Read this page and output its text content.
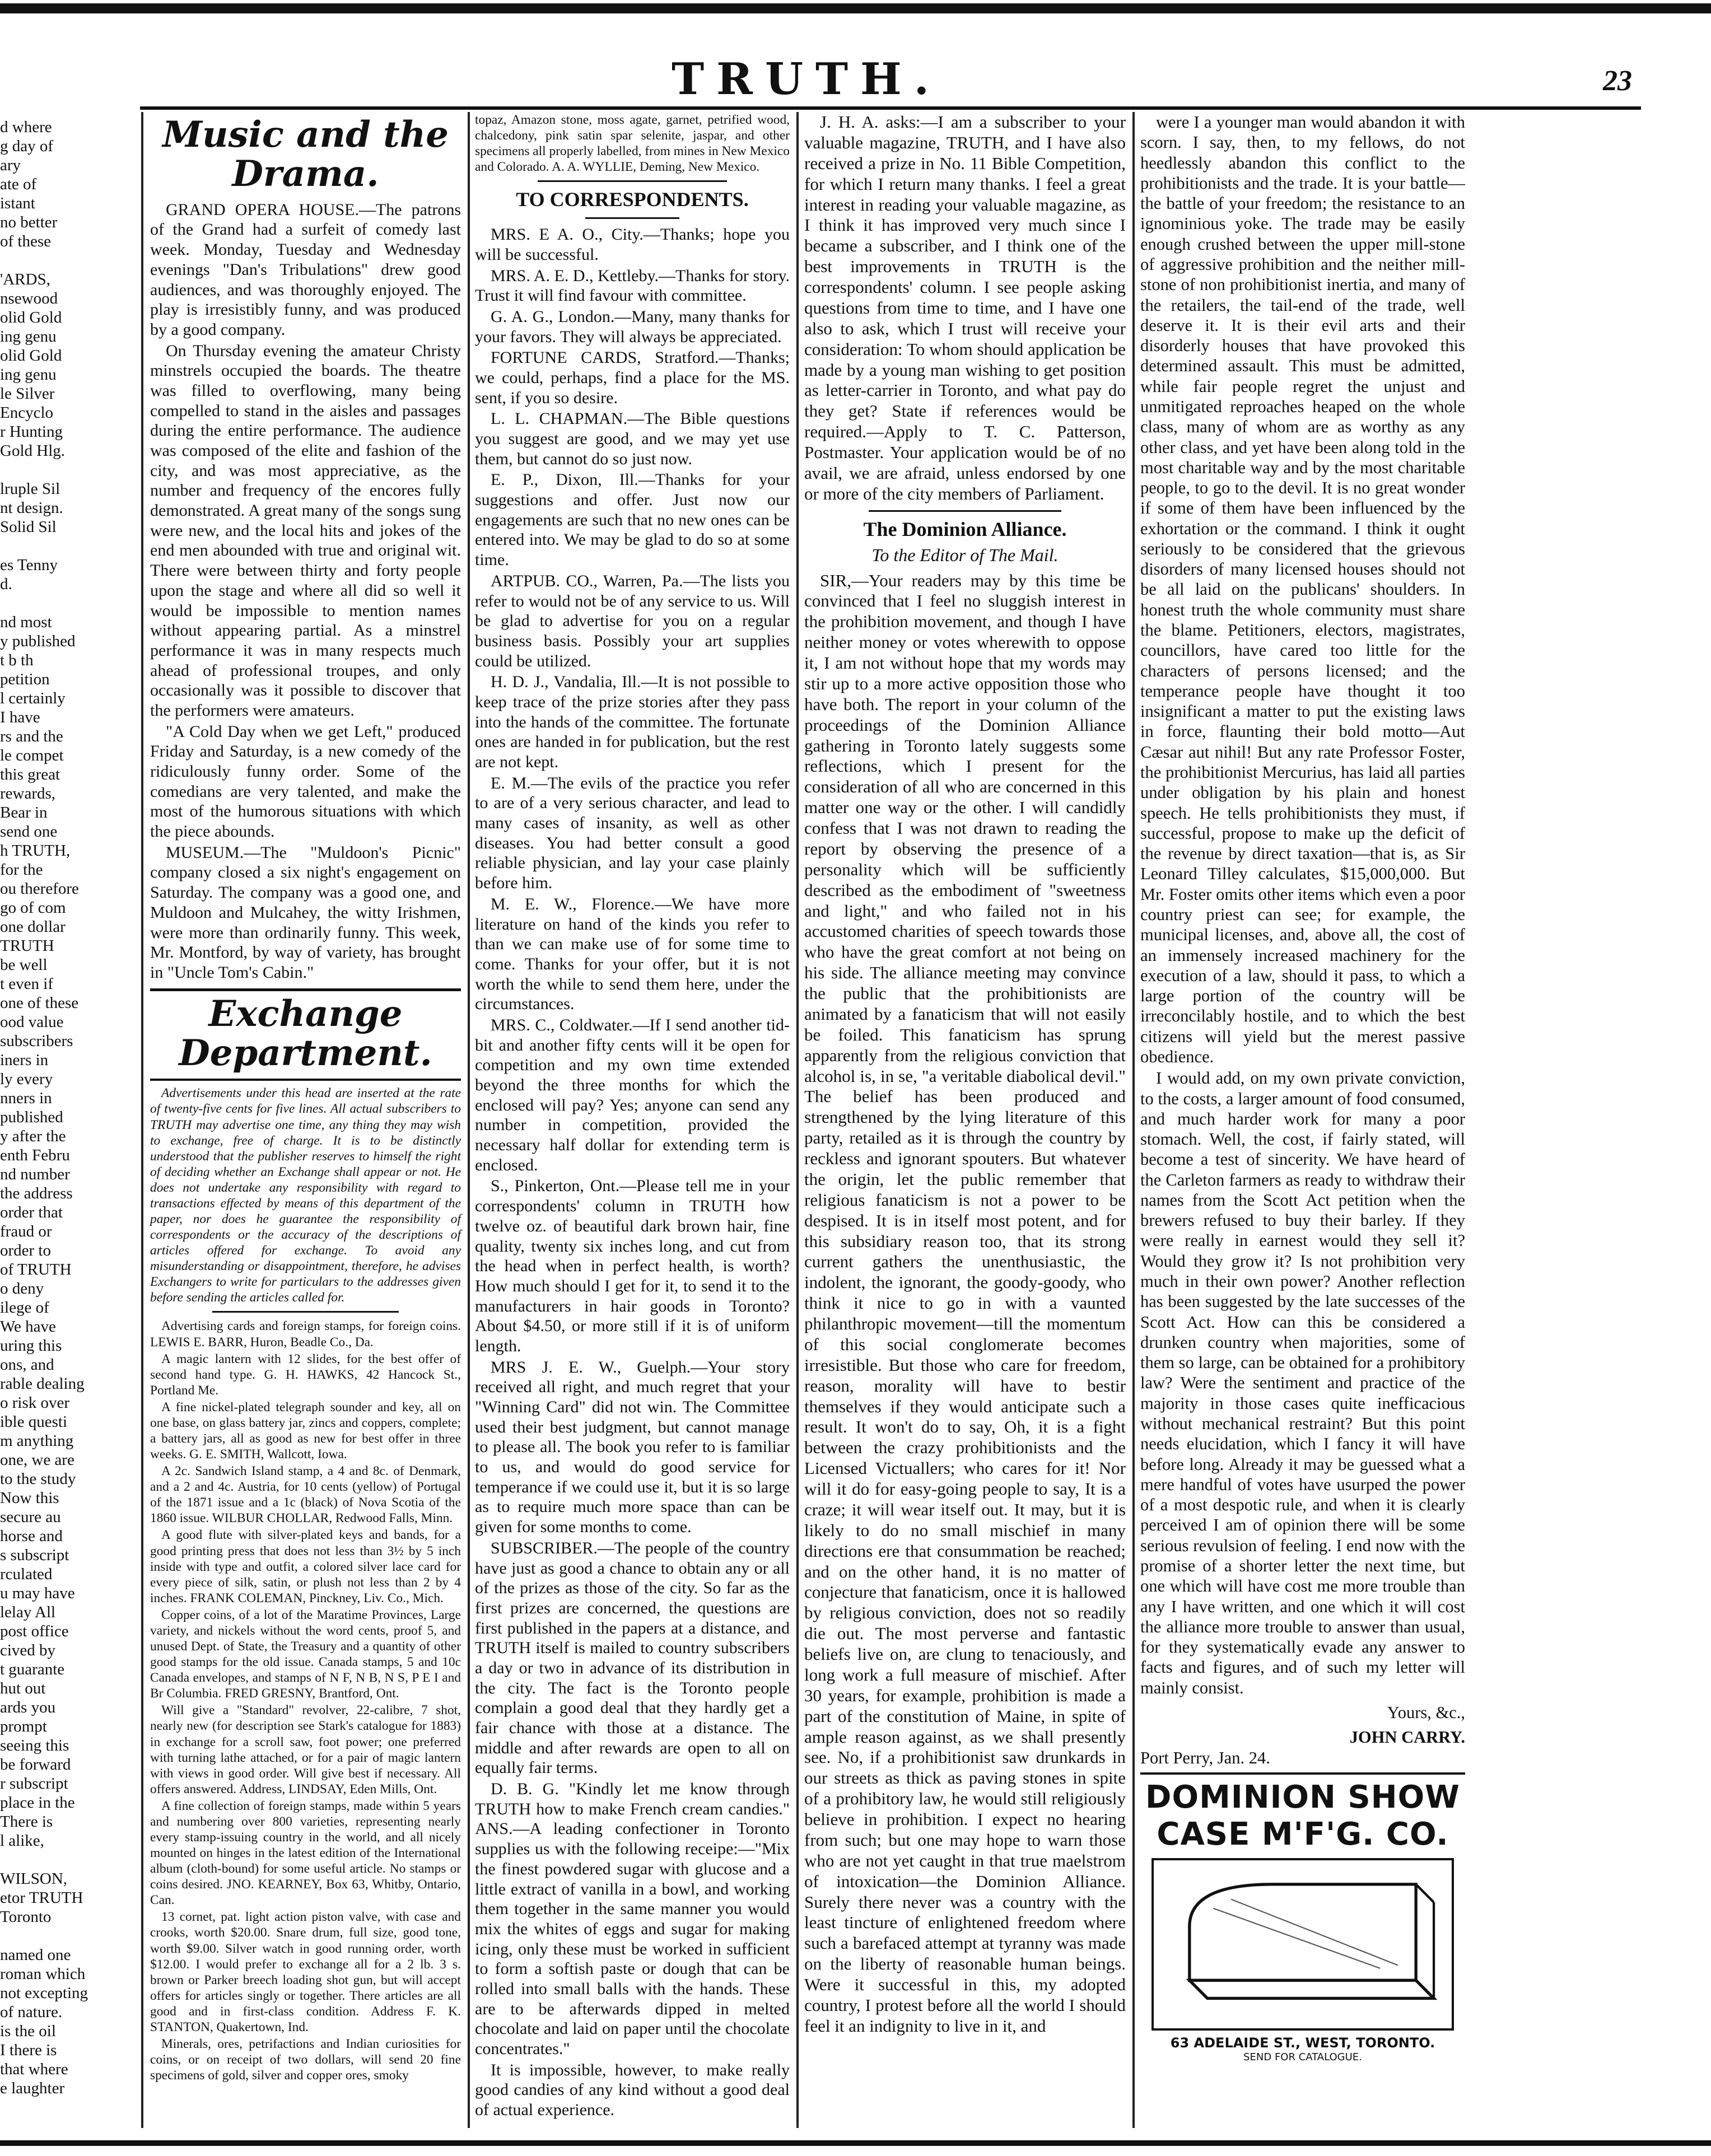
TRUTH.	23
d where
g day of
ary
ate of
istant
no better
of these
'ARDS,
nsewood
olid Gold
ing genu
olid Gold
ing genu
le Silver
Encyclo
r Hunting
Gold Hlg.
lruple Sil
nt design.
Solid Sil
es Tenny
d.
nd most
y published
t b th
petition
l certainly
I have
rs and the
le compet
this great
rewards,
Bear in
send one
h TRUTH,
for the
ou therefore
go of com
one dollar
TRUTH
be well
t even if
one of these
ood value
subscribers
iners in
ly every
nners in
published
y after the
enth Febru
nd number
the address
order that
fraud or
order to
of TRUTH
o deny
ilege of
We have
uring this
ons, and
rable dealing
o risk over
ible questi
m anything
one, we are
to the study
Now this
secure au
horse and
s subscript
rculated
u may have
lelay All
post office
cived by
t guarante
hut out
ards you
prompt
seeing this
be forward
r subscript
place in the
There is
l alike,
WILSON,
etor TRUTH
Toronto
named one
roman which
not excepting
of nature.
is the oil
I there is
that where
e laughter
Music and the Drama.

GRAND OPERA HOUSE.—The patrons of the Grand had a surfeit of comedy last week. Monday, Tuesday and Wednesday evenings "Dan's Tribulations" drew good audiences, and was thoroughly enjoyed. The play is irresistibly funny, and was produced by a good company.

On Thursday evening the amateur Christy minstrels occupied the boards. The theatre was filled to overflowing, many being compelled to stand in the aisles and passages during the entire performance. The audience was composed of the elite and fashion of the city, and was most appreciative, as the number and frequency of the encores fully demonstrated. A great many of the songs sung were new, and the local hits and jokes of the end men abounded with true and original wit. There were between thirty and forty people upon the stage and where all did so well it would be impossible to mention names without appearing partial. As a minstrel performance it was in many respects much ahead of professional troupes, and only occasionally was it possible to discover that the performers were amateurs.

"A Cold Day when we get Left," produced Friday and Saturday, is a new comedy of the ridiculously funny order. Some of the comedians are very talented, and make the most of the humorous situations with which the piece abounds.

MUSEUM.—The "Muldoon's Picnic" company closed a six night's engagement on Saturday. The company was a good one, and Muldoon and Mulcahey, the witty Irishmen, were more than ordinarily funny. This week, Mr. Montford, by way of variety, has brought in "Uncle Tom's Cabin."

Exchange Department.

Advertisements under this head are inserted at the rate of twenty-five cents for five lines. All actual subscribers to TRUTH may advertise one time, any thing they may wish to exchange, free of charge. It is to be distinctly understood that the publisher reserves to himself the right of deciding whether an Exchange shall appear or not. He does not undertake any responsibility with regard to transactions effected by means of this department of the paper, nor does he guarantee the responsibility of correspondents or the accuracy of the descriptions of articles offered for exchange. To avoid any misunderstanding or disappointment, therefore, he advises Exchangers to write for particulars to the addresses given before sending the articles called for.

Advertising cards and foreign stamps, for foreign coins. LEWIS E. BARR, Huron, Beadle Co., Da.

A magic lantern with 12 slides, for the best offer of second hand type. G. H. HAWKS, 42 Hancock St., Portland Me.

A fine nickel-plated telegraph sounder and key, all on one base, on glass battery jar, zincs and coppers, complete; a battery jars, all as good as new for best offer in three weeks. G. E. SMITH, Wallcott, Iowa.

A 2c. Sandwich Island stamp, a 4 and 8c. of Denmark, and a 2 and 4c. Austria, for 10 cents (yellow) of Portugal of the 1871 issue and a 1c (black) of Nova Scotia of the 1860 issue. WILBUR CHOLLAR, Redwood Falls, Minn.

A good flute with silver-plated keys and bands, for a good printing press that does not less than 3½ by 5 inch inside with type and outfit, a colored silver lace card for every piece of silk, satin, or plush not less than 2 by 4 inches. FRANK COLEMAN, Pinckney, Liv. Co., Mich.

Copper coins, of a lot of the Maratime Provinces, Large variety, and nickels without the word cents, proof 5, and unused Dept. of State, the Treasury and a quantity of other good stamps for the old issue. Canada stamps, 5 and 10c Canada envelopes, and stamps of N F, N B, N S, P E I and Br Columbia. FRED GRESNY, Brantford, Ont.

Will give a "Standard" revolver, 22-calibre, 7 shot, nearly new (for description see Stark's catalogue for 1883) in exchange for a scroll saw, foot power; one preferred with turning lathe attached, or for a pair of magic lantern with views in good order. Will give best if necessary. All offers answered. Address, LINDSAY, Eden Mills, Ont.

A fine collection of foreign stamps, made within 5 years and numbering over 800 varieties, representing nearly every stamp-issuing country in the world, and all nicely mounted on hinges in the latest edition of the International album (cloth-bound) for some useful article. No stamps or coins desired. JNO. KEARNEY, Box 63, Whitby, Ontario, Can.

13 cornet, pat. light action piston valve, with case and crooks, worth $20.00. Snare drum, full size, good tone, worth $9.00. Silver watch in good running order, worth $12.00. I would prefer to exchange all for a 2 lb. 3 s. brown or Parker breech loading shot gun, but will accept offers for articles singly or together. There articles are all good and in first-class condition. Address F. K. STANTON, Quakertown, Ind.

Minerals, ores, petrifactions and Indian curiosities for coins, or on receipt of two dollars, will send 20 fine specimens of gold, silver and copper ores, smoky

topaz, Amazon stone, moss agate, garnet, petrified wood, chalcedony, pink satin spar selenite, jaspar, and other specimens all properly labelled, from mines in New Mexico and Colorado. A. A. WYLLIE, Deming, New Mexico.

TO CORRESPONDENTS.

MRS. E A. O., City.—Thanks; hope you will be successful.

MRS. A. E. D., Kettleby.—Thanks for story. Trust it will find favour with committee.

G. A. G., London.—Many, many thanks for your favors. They will always be appreciated.

FORTUNE CARDS, Stratford.—Thanks; we could, perhaps, find a place for the MS. sent, if you so desire.

L. L. CHAPMAN.—The Bible questions you suggest are good, and we may yet use them, but cannot do so just now.

E. P., Dixon, Ill.—Thanks for your suggestions and offer. Just now our engagements are such that no new ones can be entered into. We may be glad to do so at some time.

ARTPUB. CO., Warren, Pa.—The lists you refer to would not be of any service to us. Will be glad to advertise for you on a regular business basis. Possibly your art supplies could be utilized.

H. D. J., Vandalia, Ill.—It is not possible to keep trace of the prize stories after they pass into the hands of the committee. The fortunate ones are handed in for publication, but the rest are not kept.

E. M.—The evils of the practice you refer to are of a very serious character, and lead to many cases of insanity, as well as other diseases. You had better consult a good reliable physician, and lay your case plainly before him.

M. E. W., Florence.—We have more literature on hand of the kinds you refer to than we can make use of for some time to come. Thanks for your offer, but it is not worth the while to send them here, under the circumstances.

MRS. C., Coldwater.—If I send another tid-bit and another fifty cents will it be open for competition and my own time extended beyond the three months for which the enclosed will pay? Yes; anyone can send any number in competition, provided the necessary half dollar for extending term is enclosed.

S., Pinkerton, Ont.—Please tell me in your correspondents' column in TRUTH how twelve oz. of beautiful dark brown hair, fine quality, twenty six inches long, and cut from the head when in perfect health, is worth? How much should I get for it, to send it to the manufacturers in hair goods in Toronto? About $4.50, or more still if it is of uniform length.

MRS J. E. W., Guelph.—Your story received all right, and much regret that your "Winning Card" did not win. The Committee used their best judgment, but cannot manage to please all. The book you refer to is familiar to us, and would do good service for temperance if we could use it, but it is so large as to require much more space than can be given for some months to come.

SUBSCRIBER.—The people of the country have just as good a chance to obtain any or all of the prizes as those of the city. So far as the first prizes are concerned, the questions are first published in the papers at a distance, and TRUTH itself is mailed to country subscribers a day or two in advance of its distribution in the city. The fact is the Toronto people complain a good deal that they hardly get a fair chance with those at a distance. The middle and after rewards are open to all on equally fair terms.

D. B. G. "Kindly let me know through TRUTH how to make French cream candies." ANS.—A leading confectioner in Toronto supplies us with the following receipe:—"Mix the finest powdered sugar with glucose and a little extract of vanilla in a bowl, and working them together in the same manner you would mix the whites of eggs and sugar for making icing, only these must be worked in sufficient to form a softish paste or dough that can be rolled into small balls with the hands. These are to be afterwards dipped in melted chocolate and laid on paper until the chocolate concentrates."

It is impossible, however, to make really good candies of any kind without a good deal of actual experience.

J. H. A. asks:—I am a subscriber to your valuable magazine, TRUTH, and I have also received a prize in No. 11 Bible Competition, for which I return many thanks. I feel a great interest in reading your valuable magazine, as I think it has improved very much since I became a subscriber, and I think one of the best improvements in TRUTH is the correspondents' column. I see people asking questions from time to time, and I have one also to ask, which I trust will receive your consideration: To whom should application be made by a young man wishing to get position as letter-carrier in Toronto, and what pay do they get? State if references would be required.—Apply to T. C. Patterson, Postmaster. Your application would be of no avail, we are afraid, unless endorsed by one or more of the city members of Parliament.

The Dominion Alliance.
To the Editor of The Mail.

SIR,—Your readers may by this time be convinced that I feel no sluggish interest in the prohibition movement, and though I have neither money or votes wherewith to oppose it, I am not without hope that my words may stir up to a more active opposition those who have both. The report in your column of the proceedings of the Dominion Alliance gathering in Toronto lately suggests some reflections, which I present for the consideration of all who are concerned in this matter one way or the other. I will candidly confess that I was not drawn to reading the report by observing the presence of a personality which will be sufficiently described as the embodiment of "sweetness and light," and who failed not in his accustomed charities of speech towards those who have the great comfort at not being on his side. The alliance meeting may convince the public that the prohibitionists are animated by a fanaticism that will not easily be foiled. This fanaticism has sprung apparently from the religious conviction that alcohol is, in se, "a veritable diabolical devil." The belief has been produced and strengthened by the lying literature of this party, retailed as it is through the country by reckless and ignorant spouters. But whatever the origin, let the public remember that religious fanaticism is not a power to be despised. It is in itself most potent, and for this subsidiary reason too, that its strong current gathers the unenthusiastic, the indolent, the ignorant, the goody-goody, who think it nice to go in with a vaunted philanthropic movement—till the momentum of this social conglomerate becomes irresistible. But those who care for freedom, reason, morality will have to bestir themselves if they would anticipate such a result. It won't do to say, Oh, it is a fight between the crazy prohibitionists and the Licensed Victuallers; who cares for it! Nor will it do for easy-going people to say, It is a craze; it will wear itself out. It may, but it is likely to do no small mischief in many directions ere that consummation be reached; and on the other hand, it is no matter of conjecture that fanaticism, once it is hallowed by religious conviction, does not so readily die out. The most perverse and fantastic beliefs live on, are clung to tenaciously, and long work a full measure of mischief. After 30 years, for example, prohibition is made a part of the constitution of Maine, in spite of ample reason against, as we shall presently see. No, if a prohibitionist saw drunkards in our streets as thick as paving stones in spite of a prohibitory law, he would still religiously believe in prohibition. I expect no hearing from such; but one may hope to warn those who are not yet caught in that true maelstrom of intoxication—the Dominion Alliance. Surely there never was a country with the least tincture of enlightened freedom where such a barefaced attempt at tyranny was made on the liberty of reasonable human beings. Were it successful in this, my adopted country, I protest before all the world I should feel it an indignity to live in it, and

were I a younger man would abandon it with scorn. I say, then, to my fellows, do not heedlessly abandon this conflict to the prohibitionists and the trade. It is your battle—the battle of your freedom; the resistance to an ignominious yoke. The trade may be easily enough crushed between the upper mill-stone of aggressive prohibition and the neither mill-stone of non prohibitionist inertia, and many of the retailers, the tail-end of the trade, well deserve it. It is their evil arts and their disorderly houses that have provoked this determined assault. This must be admitted, while fair people regret the unjust and unmitigated reproaches heaped on the whole class, many of whom are as worthy as any other class, and yet have been along told in the most charitable way and by the most charitable people, to go to the devil. It is no great wonder if some of them have been influenced by the exhortation or the command. I think it ought seriously to be considered that the grievous disorders of many licensed houses should not be all laid on the publicans' shoulders. In honest truth the whole community must share the blame. Petitioners, electors, magistrates, councillors, have cared too little for the characters of persons licensed; and the temperance people have thought it too insignificant a matter to put the existing laws in force, flaunting their bold motto—Aut Cæsar aut nihil! But any rate Professor Foster, the prohibitionist Mercurius, has laid all parties under obligation by his plain and honest speech. He tells prohibitionists they must, if successful, propose to make up the deficit of the revenue by direct taxation—that is, as Sir Leonard Tilley calculates, $15,000,000. But Mr. Foster omits other items which even a poor country priest can see; for example, the municipal licenses, and, above all, the cost of an immensely increased machinery for the execution of a law, should it pass, to which a large portion of the country will be irreconcilably hostile, and to which the best citizens will yield but the merest passive obedience.

I would add, on my own private conviction, to the costs, a larger amount of food consumed, and much harder work for many a poor stomach. Well, the cost, if fairly stated, will become a test of sincerity. We have heard of the Carleton farmers as ready to withdraw their names from the Scott Act petition when the brewers refused to buy their barley. If they were really in earnest would they sell it? Would they grow it? Is not prohibition very much in their own power? Another reflection has been suggested by the late successes of the Scott Act. How can this be considered a drunken country when majorities, some of them so large, can be obtained for a prohibitory law? Were the sentiment and practice of the majority in those cases quite inefficacious without mechanical restraint? But this point needs elucidation, which I fancy it will have before long. Already it may be guessed what a mere handful of votes have usurped the power of a most despotic rule, and when it is clearly perceived I am of opinion there will be some serious revulsion of feeling. I end now with the promise of a shorter letter the next time, but one which will have cost me more trouble than any I have written, and one which it will cost the alliance more trouble to answer than usual, for they systematically evade any answer to facts and figures, and of such my letter will mainly consist.

Yours, &c.,
JOHN CARRY.

Port Perry, Jan. 24.

DOMINION SHOW CASE M'F'G. CO.
63 ADELAIDE ST., WEST, TORONTO.
SEND FOR CATALOGUE.
